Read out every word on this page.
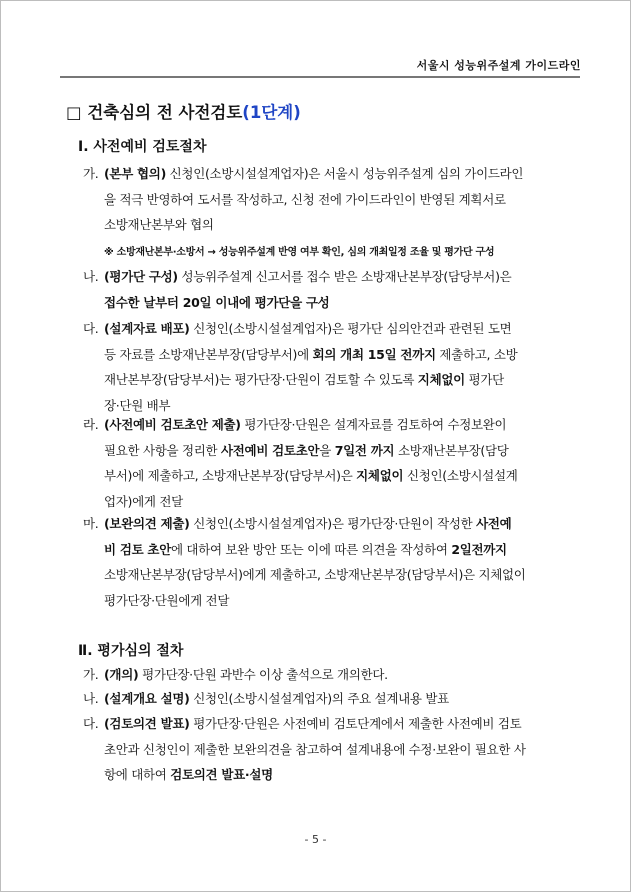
서울시 성능위주설계 가이드라인
□ 건축심의 전 사전검토(1단계)
Ⅰ. 사전예비 검토절차
가. (본부 협의) 신청인(소방시설설계업자)은 서울시 성능위주설계 심의 가이드라인
을 적극 반영하여 도서를 작성하고, 신청 전에 가이드라인이 반영된 계획서로
소방재난본부와 협의
※ 소방재난본부·소방서 → 성능위주설계 반영 여부 확인, 심의 개최일정 조율 및 평가단 구성
나. (평가단 구성) 성능위주설계 신고서를 접수 받은 소방재난본부장(담당부서)은
접수한 날부터 20일 이내에 평가단을 구성
다. (설계자료 배포) 신청인(소방시설설계업자)은 평가단 심의안건과 관련된 도면
등 자료를 소방재난본부장(담당부서)에 회의 개최 15일 전까지 제출하고, 소방
재난본부장(담당부서)는 평가단장·단원이 검토할 수 있도록 지체없이 평가단
장·단원 배부
라. (사전예비 검토초안 제출) 평가단장·단원은 설계자료를 검토하여 수정보완이
필요한 사항을 정리한 사전예비 검토초안을 7일전 까지 소방재난본부장(담당
부서)에 제출하고, 소방재난본부장(담당부서)은 지체없이 신청인(소방시설설계
업자)에게 전달
마. (보완의견 제출) 신청인(소방시설설계업자)은 평가단장·단원이 작성한 사전예
비 검토 초안에 대하여 보완 방안 또는 이에 따른 의견을 작성하여 2일전까지
소방재난본부장(담당부서)에게 제출하고, 소방재난본부장(담당부서)은 지체없이
평가단장·단원에게 전달
Ⅱ. 평가심의 절차
가. (개의) 평가단장·단원 과반수 이상 출석으로 개의한다.
나. (설계개요 설명) 신청인(소방시설설계업자)의 주요 설계내용 발표
다. (검토의견 발표) 평가단장·단원은 사전예비 검토단계에서 제출한 사전예비 검토
초안과 신청인이 제출한 보완의견을 참고하여 설계내용에 수정·보완이 필요한 사
항에 대하여 검토의견 발표·설명
- 5 -
